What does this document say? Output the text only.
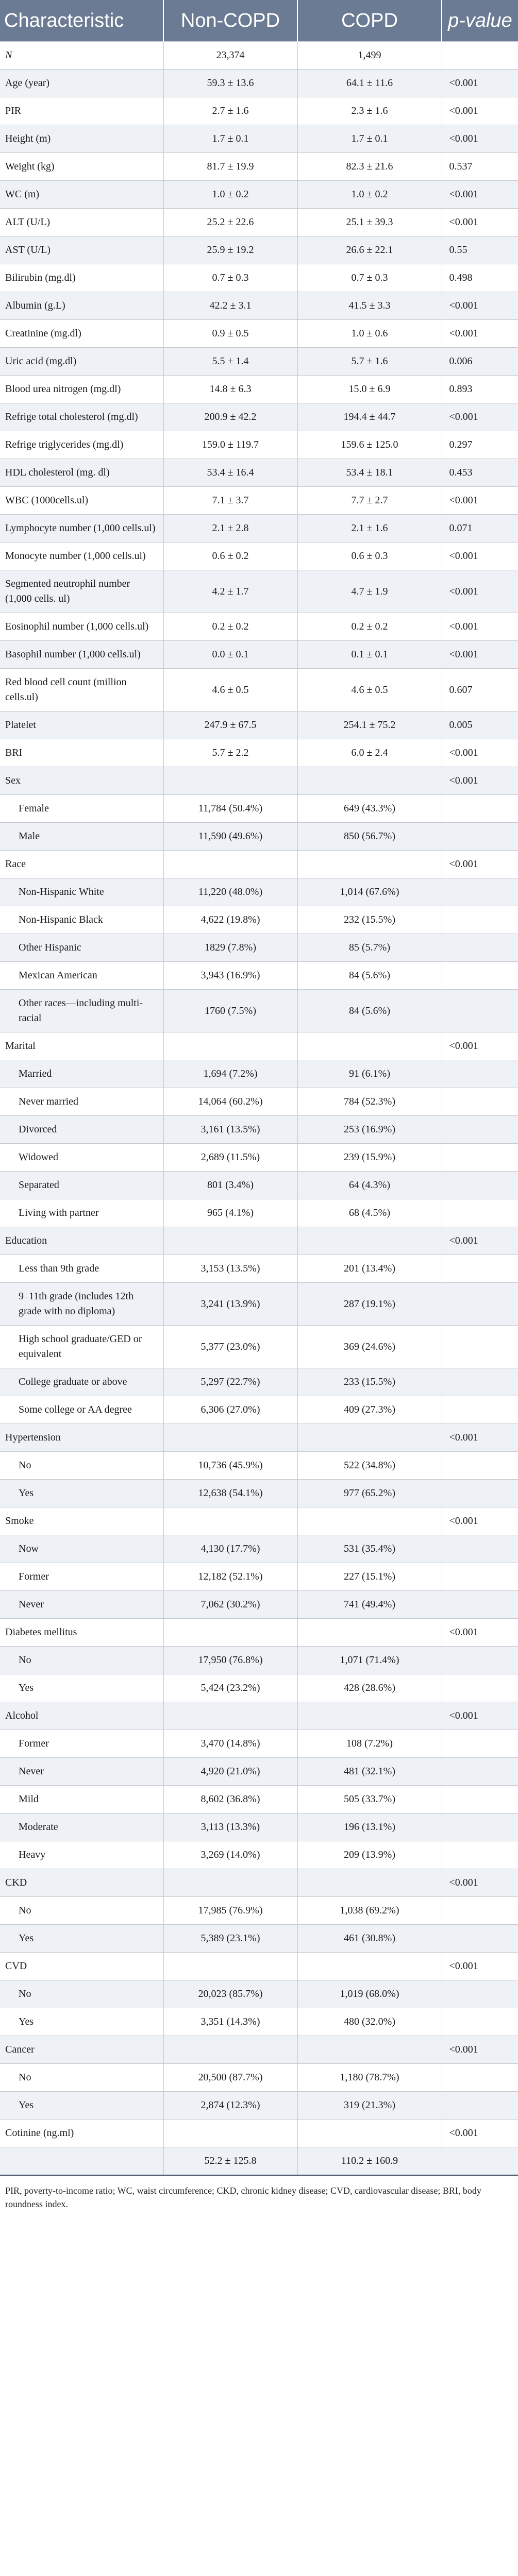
Characteristic	Non-COPD	COPD	p-value
N	23,374	1,499	
Age (year)	59.3 ± 13.6	64.1 ± 11.6	<0.001
PIR	2.7 ± 1.6	2.3 ± 1.6	<0.001
Height (m)	1.7 ± 0.1	1.7 ± 0.1	<0.001
Weight (kg)	81.7 ± 19.9	82.3 ± 21.6	0.537
WC (m)	1.0 ± 0.2	1.0 ± 0.2	<0.001
ALT (U/L)	25.2 ± 22.6	25.1 ± 39.3	<0.001
AST (U/L)	25.9 ± 19.2	26.6 ± 22.1	0.55
Bilirubin (mg.dl)	0.7 ± 0.3	0.7 ± 0.3	0.498
Albumin (g.L)	42.2 ± 3.1	41.5 ± 3.3	<0.001
Creatinine (mg.dl)	0.9 ± 0.5	1.0 ± 0.6	<0.001
Uric acid (mg.dl)	5.5 ± 1.4	5.7 ± 1.6	0.006
Blood urea nitrogen (mg.dl)	14.8 ± 6.3	15.0 ± 6.9	0.893
Refrige total cholesterol (mg.dl)	200.9 ± 42.2	194.4 ± 44.7	<0.001
Refrige triglycerides (mg.dl)	159.0 ± 119.7	159.6 ± 125.0	0.297
HDL cholesterol (mg. dl)	53.4 ± 16.4	53.4 ± 18.1	0.453
WBC (1000cells.ul)	7.1 ± 3.7	7.7 ± 2.7	<0.001
Lymphocyte number (1,000 cells.ul)	2.1 ± 2.8	2.1 ± 1.6	0.071
Monocyte number (1,000 cells.ul)	0.6 ± 0.2	0.6 ± 0.3	<0.001
Segmented neutrophil number (1,000 cells. ul)	4.2 ± 1.7	4.7 ± 1.9	<0.001
Eosinophil number (1,000 cells.ul)	0.2 ± 0.2	0.2 ± 0.2	<0.001
Basophil number (1,000 cells.ul)	0.0 ± 0.1	0.1 ± 0.1	<0.001
Red blood cell count (million cells.ul)	4.6 ± 0.5	4.6 ± 0.5	0.607
Platelet	247.9 ± 67.5	254.1 ± 75.2	0.005
BRI	5.7 ± 2.2	6.0 ± 2.4	<0.001
Sex			<0.001
Female	11,784 (50.4%)	649 (43.3%)	
Male	11,590 (49.6%)	850 (56.7%)	
Race			<0.001
Non-Hispanic White	11,220 (48.0%)	1,014 (67.6%)	
Non-Hispanic Black	4,622 (19.8%)	232 (15.5%)	
Other Hispanic	1829 (7.8%)	85 (5.7%)	
Mexican American	3,943 (16.9%)	84 (5.6%)	
Other races—including multi-racial	1760 (7.5%)	84 (5.6%)	
Marital			<0.001
Married	1,694 (7.2%)	91 (6.1%)	
Never married	14,064 (60.2%)	784 (52.3%)	
Divorced	3,161 (13.5%)	253 (16.9%)	
Widowed	2,689 (11.5%)	239 (15.9%)	
Separated	801 (3.4%)	64 (4.3%)	
Living with partner	965 (4.1%)	68 (4.5%)	
Education			<0.001
Less than 9th grade	3,153 (13.5%)	201 (13.4%)	
9–11th grade (includes 12th grade with no diploma)	3,241 (13.9%)	287 (19.1%)	
High school graduate/GED or equivalent	5,377 (23.0%)	369 (24.6%)	
College graduate or above	5,297 (22.7%)	233 (15.5%)	
Some college or AA degree	6,306 (27.0%)	409 (27.3%)	
Hypertension			<0.001
No	10,736 (45.9%)	522 (34.8%)	
Yes	12,638 (54.1%)	977 (65.2%)	
Smoke			<0.001
Now	4,130 (17.7%)	531 (35.4%)	
Former	12,182 (52.1%)	227 (15.1%)	
Never	7,062 (30.2%)	741 (49.4%)	
Diabetes mellitus			<0.001
No	17,950 (76.8%)	1,071 (71.4%)	
Yes	5,424 (23.2%)	428 (28.6%)	
Alcohol			<0.001
Former	3,470 (14.8%)	108 (7.2%)	
Never	4,920 (21.0%)	481 (32.1%)	
Mild	8,602 (36.8%)	505 (33.7%)	
Moderate	3,113 (13.3%)	196 (13.1%)	
Heavy	3,269 (14.0%)	209 (13.9%)	
CKD			<0.001
No	17,985 (76.9%)	1,038 (69.2%)	
Yes	5,389 (23.1%)	461 (30.8%)	
CVD			<0.001
No	20,023 (85.7%)	1,019 (68.0%)	
Yes	3,351 (14.3%)	480 (32.0%)	
Cancer			<0.001
No	20,500 (87.7%)	1,180 (78.7%)	
Yes	2,874 (12.3%)	319 (21.3%)	
Cotinine (ng.ml)			<0.001
	52.2 ± 125.8	110.2 ± 160.9	
PIR, poverty-to-income ratio; WC, waist circumference; CKD, chronic kidney disease; CVD, cardiovascular disease; BRI, body roundness index.
